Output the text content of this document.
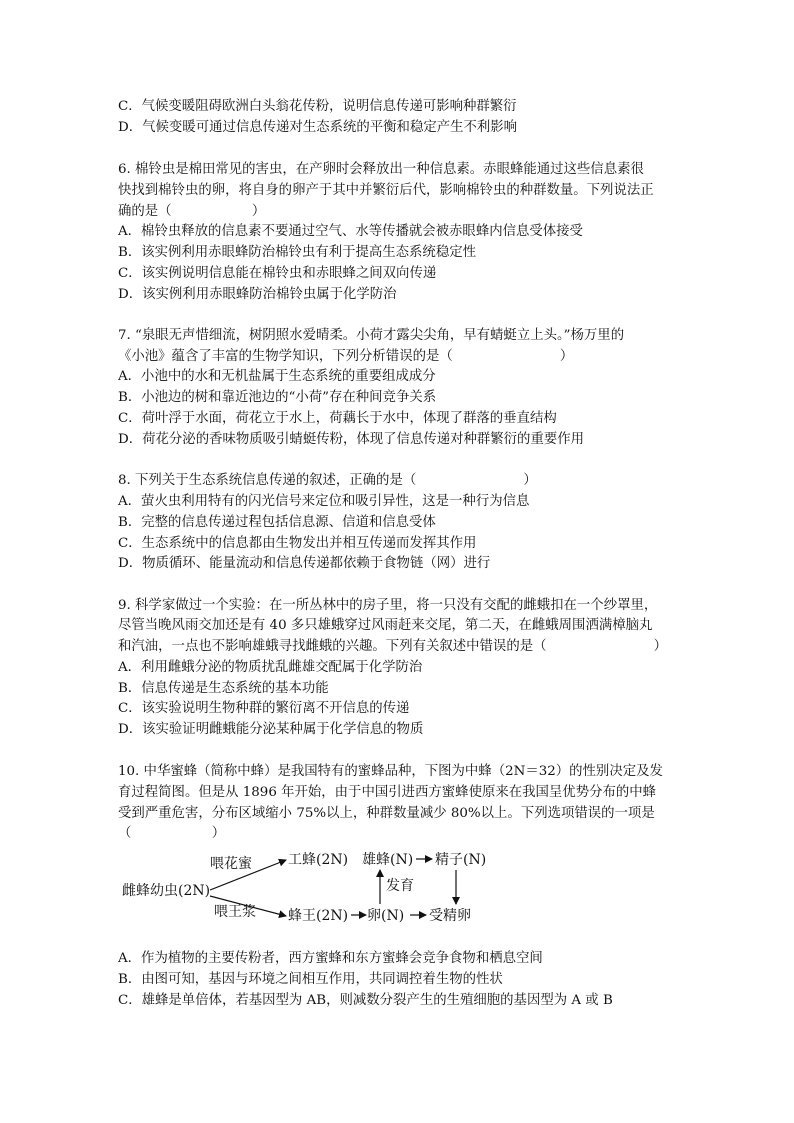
C．气候变暖阻碍欧洲白头翁花传粉，说明信息传递可影响种群繁衍
D．气候变暖可通过信息传递对生态系统的平衡和稳定产生不利影响
6. 棉铃虫是棉田常见的害虫，在产卵时会释放出一种信息素。赤眼蜂能通过这些信息素很
快找到棉铃虫的卵，将自身的卵产于其中并繁衍后代，影响棉铃虫的种群数量。下列说法正
确的是（　　　　　　）
A．棉铃虫释放的信息素不要通过空气、水等传播就会被赤眼蜂内信息受体接受
B．该实例利用赤眼蜂防治棉铃虫有利于提高生态系统稳定性
C．该实例说明信息能在棉铃虫和赤眼蜂之间双向传递
D．该实例利用赤眼蜂防治棉铃虫属于化学防治
7. “泉眼无声惜细流，树阴照水爱晴柔。小荷才露尖尖角，早有蜻蜓立上头。”杨万里的
《小池》蕴含了丰富的生物学知识，下列分析错误的是（　　　　　　　　）
A．小池中的水和无机盐属于生态系统的重要组成成分
B．小池边的树和靠近池边的“小荷”存在种间竞争关系
C．荷叶浮于水面，荷花立于水上，荷藕长于水中，体现了群落的垂直结构
D．荷花分泌的香味物质吸引蜻蜓传粉，体现了信息传递对种群繁衍的重要作用
8. 下列关于生态系统信息传递的叙述，正确的是（　　　　　　　　）
A．萤火虫利用特有的闪光信号来定位和吸引异性，这是一种行为信息
B．完整的信息传递过程包括信息源、信道和信息受体
C．生态系统中的信息都由生物发出并相互传递而发挥其作用
D．物质循环、能量流动和信息传递都依赖于食物链（网）进行
9. 科学家做过一个实验：在一所丛林中的房子里，将一只没有交配的雌蛾扣在一个纱罩里，
尽管当晚风雨交加还是有 40 多只雄蛾穿过风雨赶来交尾，第二天，在雌蛾周围洒满樟脑丸
和汽油，一点也不影响雄蛾寻找雌蛾的兴趣。下列有关叙述中错误的是（　　　　　　　　）
A．利用雌蛾分泌的物质扰乱雌雄交配属于化学防治
B．信息传递是生态系统的基本功能
C．该实验说明生物种群的繁衍离不开信息的传递
D．该实验证明雌蛾能分泌某种属于化学信息的物质
10. 中华蜜蜂（简称中蜂）是我国特有的蜜蜂品种，下图为中蜂（2N＝32）的性别决定及发
育过程简图。但是从 1896 年开始，由于中国引进西方蜜蜂使原来在我国呈优势分布的中蜂
受到严重危害，分布区域缩小 75%以上，种群数量减少 80%以上。下列选项错误的一项是
（　　　　　　）
雌蜂幼虫(2N)
喂花蜜
喂王浆
工蜂(2N)
蜂王(2N) 卵(N) 受精卵
发育
雄蜂(N) 精子(N)
A．作为植物的主要传粉者，西方蜜蜂和东方蜜蜂会竞争食物和栖息空间
B．由图可知，基因与环境之间相互作用，共同调控着生物的性状
C．雄蜂是单倍体，若基因型为 AB，则减数分裂产生的生殖细胞的基因型为 A 或 B
